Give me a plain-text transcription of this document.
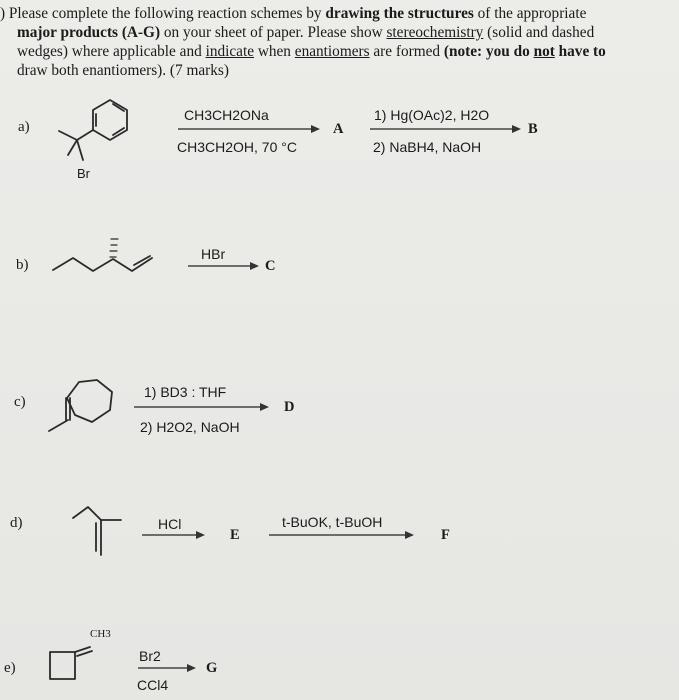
) Please complete the following reaction schemes by drawing the structures of the appropriate
major products (A-G) on your sheet of paper. Please show stereochemistry (solid and dashed
wedges) where applicable and indicate when enantiomers are formed (note: you do not have to
draw both enantiomers). (7 marks)
a)
b)
c)
d)
e)
Br
CH3CH2ONa
CH3CH2OH, 70 °C
A
1) Hg(OAc)2, H2O
2) NaBH4, NaOH
B
HBr
C
1) BD3 : THF
2) H2O2, NaOH
D
HCl
E
t-BuOK, t-BuOH
F
CH3
Br2
CCl4
G
